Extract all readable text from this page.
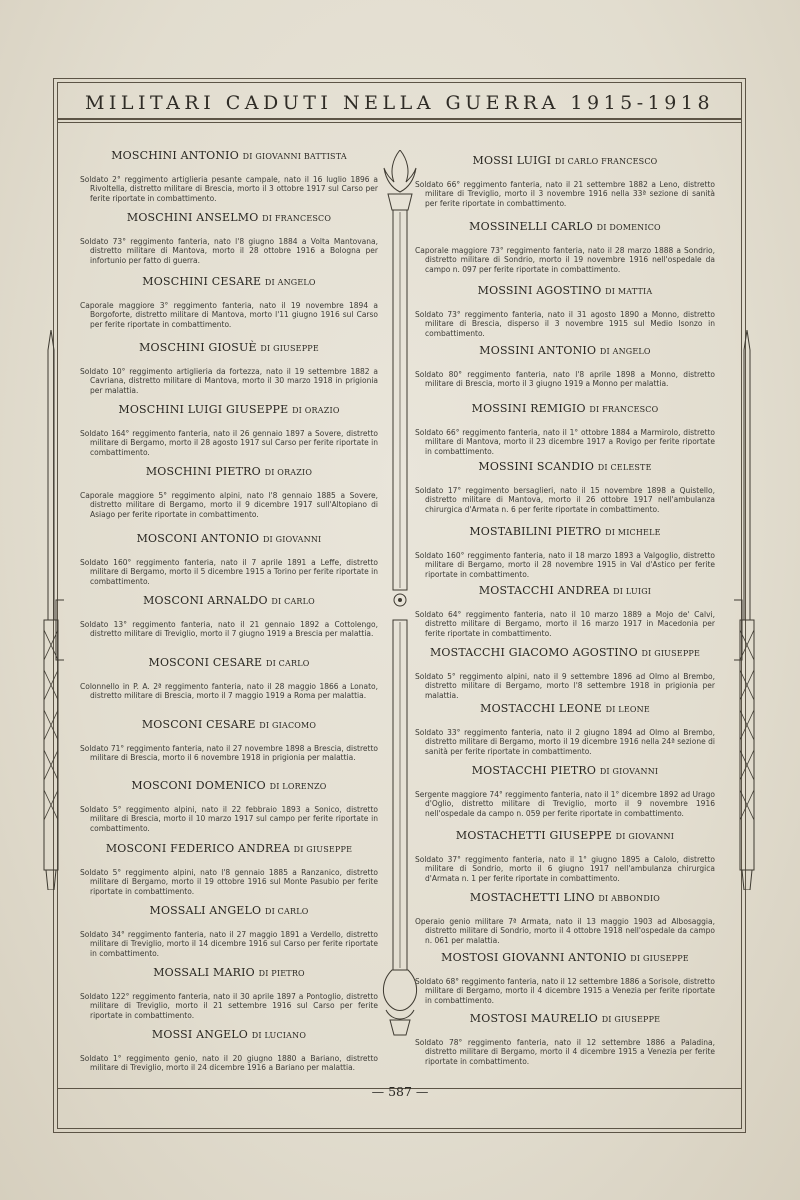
MILITARI CADUTI NELLA GUERRA 1915-1918
MOSCHINI ANTONIO DI GIOVANNI BATTISTA
Soldato 2° reggimento artiglieria pesante campale, nato il 16 luglio 1896 a Rivoltella, distretto militare di Brescia, morto il 3 ottobre 1917 sul Carso per ferite riportate in combattimento.
MOSCHINI ANSELMO DI FRANCESCO
Soldato 73° reggimento fanteria, nato l'8 giugno 1884 a Volta Mantovana, distretto militare di Mantova, morto il 28 ottobre 1916 a Bologna per infortunio per fatto di guerra.
MOSCHINI CESARE DI ANGELO
Caporale maggiore 3° reggimento fanteria, nato il 19 novembre 1894 a Borgoforte, distretto militare di Mantova, morto l'11 giugno 1916 sul Carso per ferite riportate in combattimento.
MOSCHINI GIOSUÈ DI GIUSEPPE
Soldato 10° reggimento artiglieria da fortezza, nato il 19 settembre 1882 a Cavriana, distretto militare di Mantova, morto il 30 marzo 1918 in prigionia per malattia.
MOSCHINI LUIGI GIUSEPPE DI ORAZIO
Soldato 164° reggimento fanteria, nato il 26 gennaio 1897 a Sovere, distretto militare di Bergamo, morto il 28 agosto 1917 sul Carso per ferite riportate in combattimento.
MOSCHINI PIETRO DI ORAZIO
Caporale maggiore 5° reggimento alpini, nato l'8 gennaio 1885 a Sovere, distretto militare di Bergamo, morto il 9 dicembre 1917 sull'Altopiano di Asiago per ferite riportate in combattimento.
MOSCONI ANTONIO DI GIOVANNI
Soldato 160° reggimento fanteria, nato il 7 aprile 1891 a Leffe, distretto militare di Bergamo, morto il 5 dicembre 1915 a Torino per ferite riportate in combattimento.
MOSCONI ARNALDO DI CARLO
Soldato 13° reggimento fanteria, nato il 21 gennaio 1892 a Cottolengo, distretto militare di Treviglio, morto il 7 giugno 1919 a Brescia per malattia.
MOSCONI CESARE DI CARLO
Colonnello in P. A. 2ª reggimento fanteria, nato il 28 maggio 1866 a Lonato, distretto militare di Brescia, morto il 7 maggio 1919 a Roma per malattia.
MOSCONI CESARE DI GIACOMO
Soldato 71° reggimento fanteria, nato il 27 novembre 1898 a Brescia, distretto militare di Brescia, morto il 6 novembre 1918 in prigionia per malattia.
MOSCONI DOMENICO DI LORENZO
Soldato 5° reggimento alpini, nato il 22 febbraio 1893 a Sonico, distretto militare di Brescia, morto il 10 marzo 1917 sul campo per ferite riportate in combattimento.
MOSCONI FEDERICO ANDREA DI GIUSEPPE
Soldato 5° reggimento alpini, nato l'8 gennaio 1885 a Ranzanico, distretto militare di Bergamo, morto il 19 ottobre 1916 sul Monte Pasubio per ferite riportate in combattimento.
MOSSALI ANGELO DI CARLO
Soldato 34° reggimento fanteria, nato il 27 maggio 1891 a Verdello, distretto militare di Treviglio, morto il 14 dicembre 1916 sul Carso per ferite riportate in combattimento.
MOSSALI MARIO DI PIETRO
Soldato 122° reggimento fanteria, nato il 30 aprile 1897 a Pontoglio, distretto militare di Treviglio, morto il 21 settembre 1916 sul Carso per ferite riportate in combattimento.
MOSSI ANGELO DI LUCIANO
Soldato 1° reggimento genio, nato il 20 giugno 1880 a Bariano, distretto militare di Treviglio, morto il 24 dicembre 1916 a Bariano per malattia.
MOSSI LUIGI DI CARLO FRANCESCO
Soldato 66° reggimento fanteria, nato il 21 settembre 1882 a Leno, distretto militare di Treviglio, morto il 3 novembre 1916 nella 33ª sezione di sanità per ferite riportate in combattimento.
MOSSINELLI CARLO DI DOMENICO
Caporale maggiore 73° reggimento fanteria, nato il 28 marzo 1888 a Sondrio, distretto militare di Sondrio, morto il 19 novembre 1916 nell'ospedale da campo n. 097 per ferite riportate in combattimento.
MOSSINI AGOSTINO DI MATTIA
Soldato 73° reggimento fanteria, nato il 31 agosto 1890 a Monno, distretto militare di Brescia, disperso il 3 novembre 1915 sul Medio Isonzo in combattimento.
MOSSINI ANTONIO DI ANGELO
Soldato 80° reggimento fanteria, nato l'8 aprile 1898 a Monno, distretto militare di Brescia, morto il 3 giugno 1919 a Monno per malattia.
MOSSINI REMIGIO DI FRANCESCO
Soldato 66° reggimento fanteria, nato il 1° ottobre 1884 a Marmirolo, distretto militare di Mantova, morto il 23 dicembre 1917 a Rovigo per ferite riportate in combattimento.
MOSSINI SCANDIO DI CELESTE
Soldato 17° reggimento bersaglieri, nato il 15 novembre 1898 a Quistello, distretto militare di Mantova, morto il 26 ottobre 1917 nell'ambulanza chirurgica d'Armata n. 6 per ferite riportate in combattimento.
MOSTABILINI PIETRO DI MICHELE
Soldato 160° reggimento fanteria, nato il 18 marzo 1893 a Valgoglio, distretto militare di Bergamo, morto il 28 novembre 1915 in Val d'Astico per ferite riportate in combattimento.
MOSTACCHI ANDREA DI LUIGI
Soldato 64° reggimento fanteria, nato il 10 marzo 1889 a Mojo de' Calvi, distretto militare di Bergamo, morto il 16 marzo 1917 in Macedonia per ferite riportate in combattimento.
MOSTACCHI GIACOMO AGOSTINO DI GIUSEPPE
Soldato 5° reggimento alpini, nato il 9 settembre 1896 ad Olmo al Brembo, distretto militare di Bergamo, morto l'8 settembre 1918 in prigionia per malattia.
MOSTACCHI LEONE DI LEONE
Soldato 33° reggimento fanteria, nato il 2 giugno 1894 ad Olmo al Brembo, distretto militare di Bergamo, morto il 19 dicembre 1916 nella 24ª sezione di sanità per ferite riportate in combattimento.
MOSTACCHI PIETRO DI GIOVANNI
Sergente maggiore 74° reggimento fanteria, nato il 1° dicembre 1892 ad Urago d'Oglio, distretto militare di Treviglio, morto il 9 novembre 1916 nell'ospedale da campo n. 059 per ferite riportate in combattimento.
MOSTACHETTI GIUSEPPE DI GIOVANNI
Soldato 37° reggimento fanteria, nato il 1° giugno 1895 a Calolo, distretto militare di Sondrio, morto il 6 giugno 1917 nell'ambulanza chirurgica d'Armata n. 1 per ferite riportate in combattimento.
MOSTACHETTI LINO DI ABBONDIO
Operaio genio militare 7ª Armata, nato il 13 maggio 1903 ad Albosaggia, distretto militare di Sondrio, morto il 4 ottobre 1918 nell'ospedale da campo n. 061 per malattia.
MOSTOSI GIOVANNI ANTONIO DI GIUSEPPE
Soldato 68° reggimento fanteria, nato il 12 settembre 1886 a Sorisole, distretto militare di Bergamo, morto il 4 dicembre 1915 a Venezia per ferite riportate in combattimento.
MOSTOSI MAURELIO DI GIUSEPPE
Soldato 78° reggimento fanteria, nato il 12 settembre 1886 a Paladina, distretto militare di Bergamo, morto il 4 dicembre 1915 a Venezia per ferite riportate in combattimento.
— 587 —
